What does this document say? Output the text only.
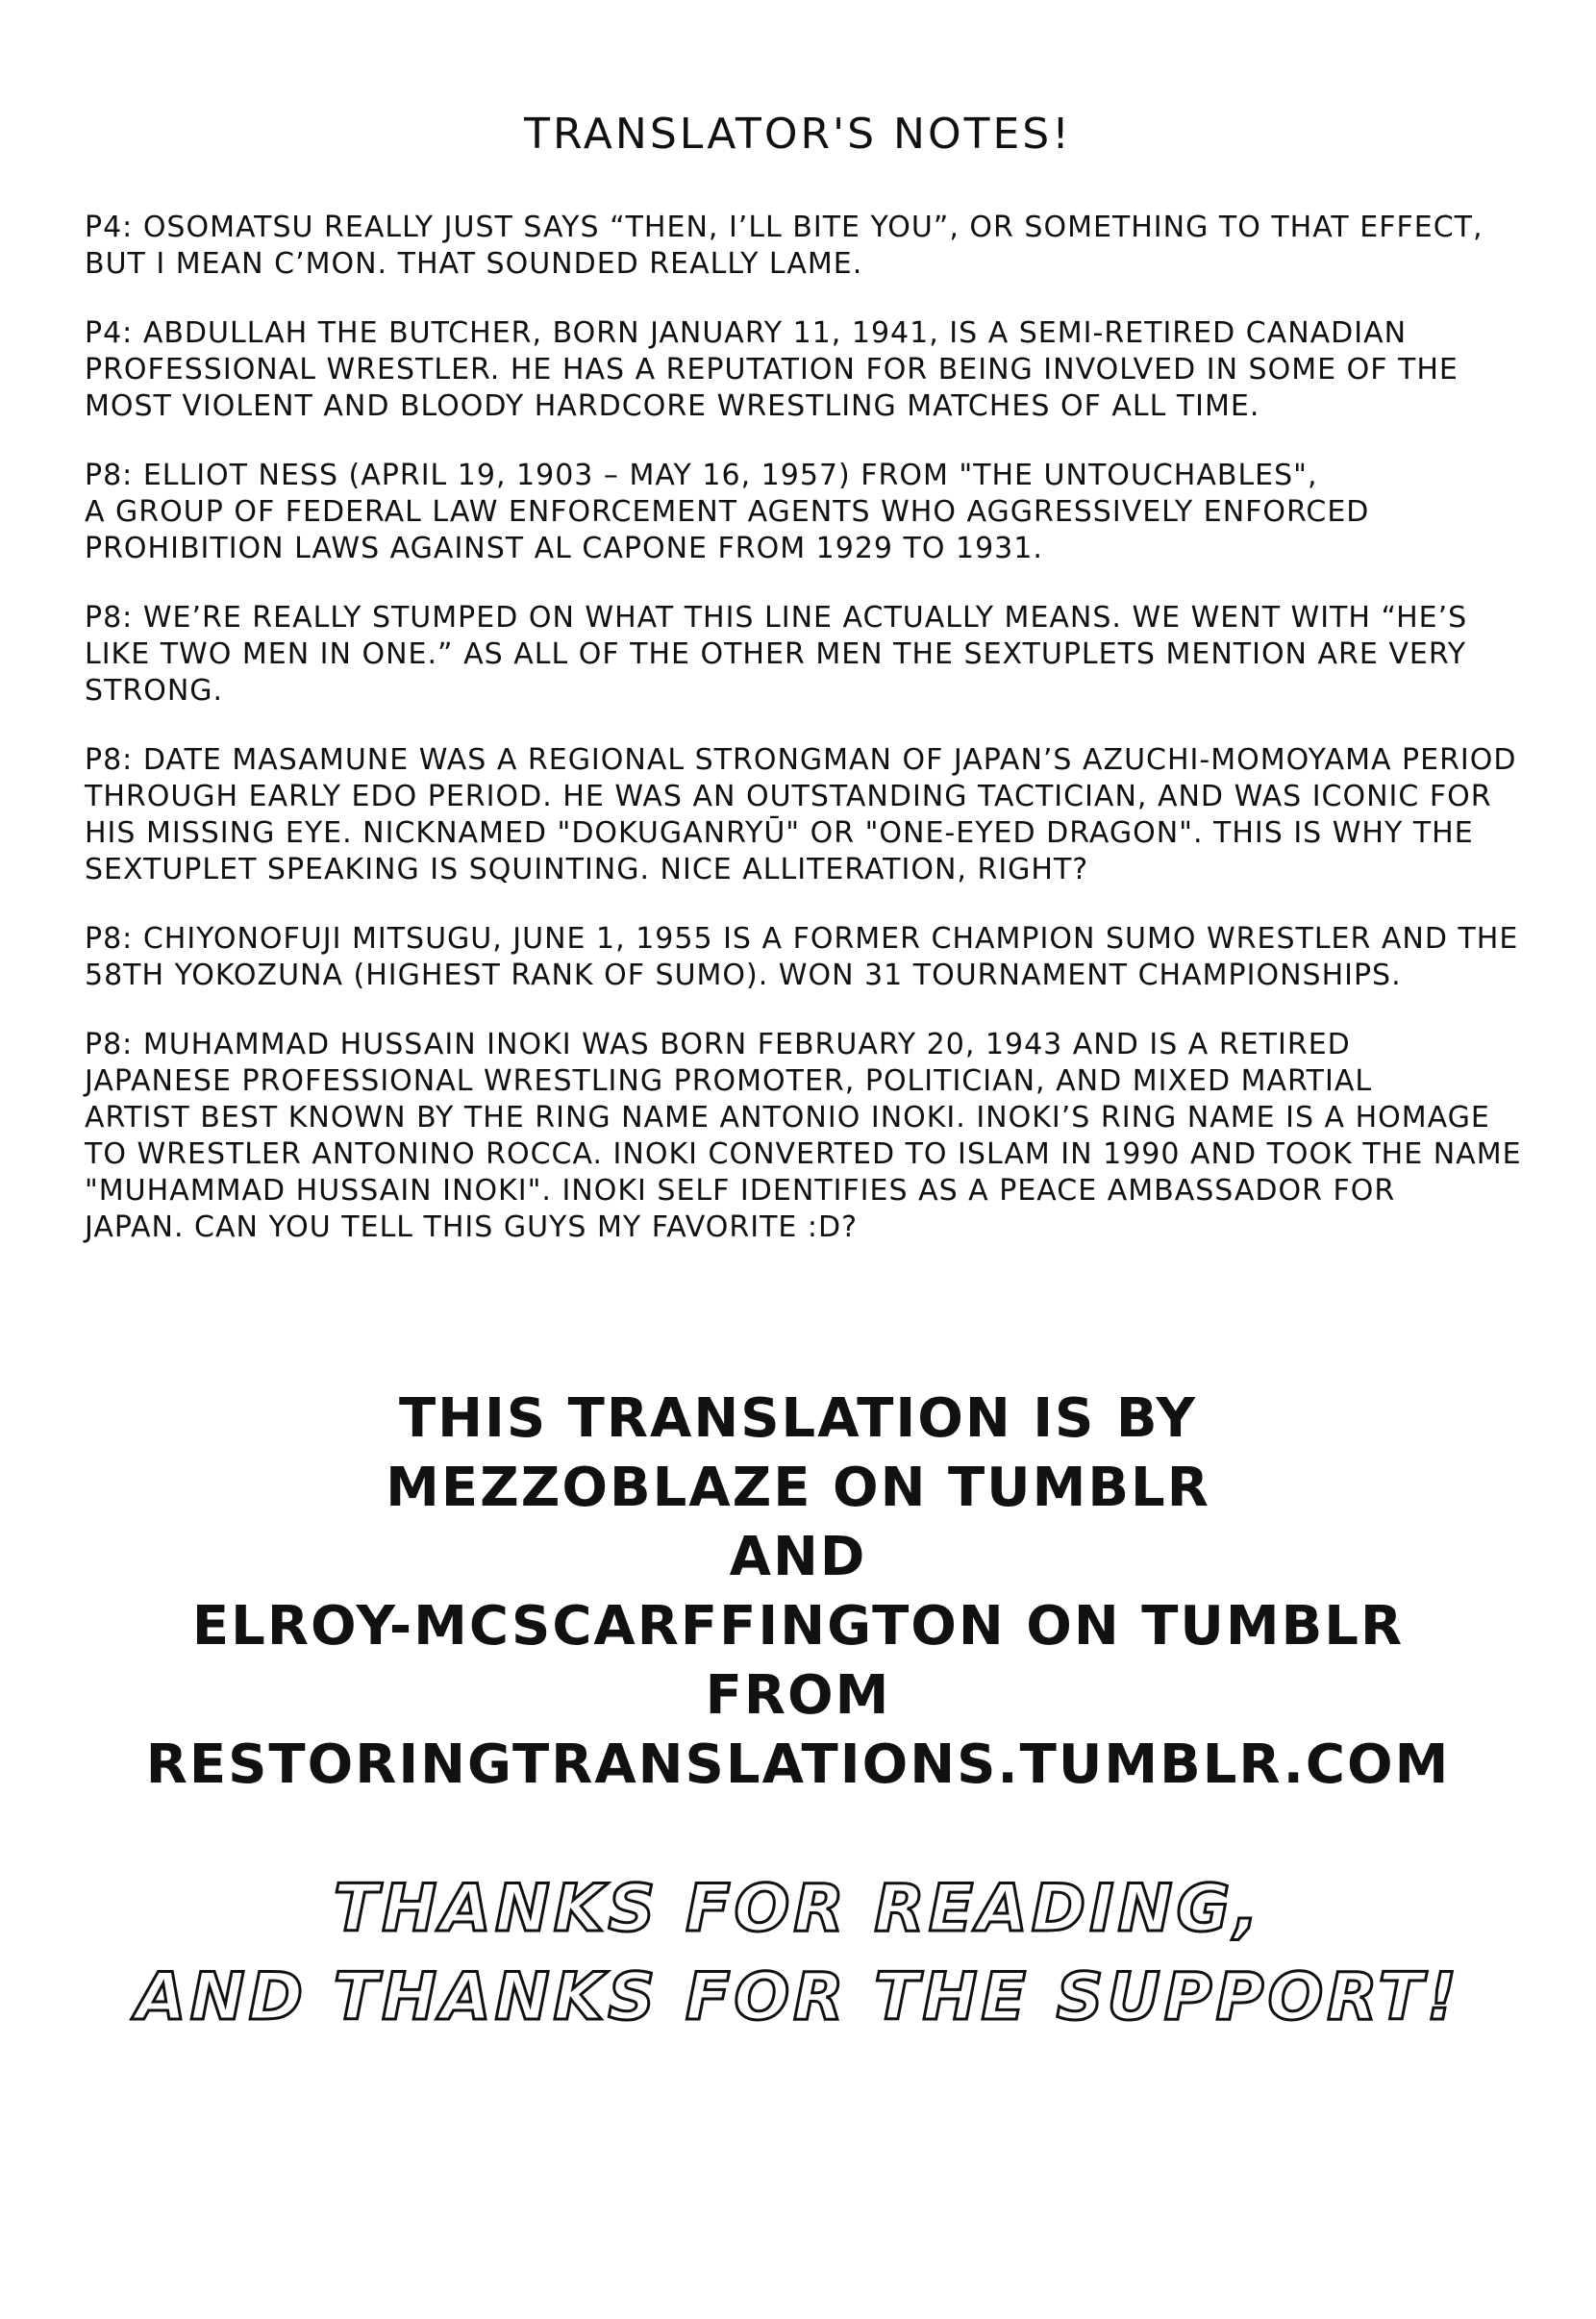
TRANSLATOR'S NOTES!

P4: OSOMATSU REALLY JUST SAYS “THEN, I’LL BITE YOU”, OR SOMETHING TO THAT EFFECT,
BUT I MEAN C’MON. THAT SOUNDED REALLY LAME.

P4: ABDULLAH THE BUTCHER, BORN JANUARY 11, 1941, IS A SEMI-RETIRED CANADIAN
PROFESSIONAL WRESTLER. HE HAS A REPUTATION FOR BEING INVOLVED IN SOME OF THE
MOST VIOLENT AND BLOODY HARDCORE WRESTLING MATCHES OF ALL TIME.

P8: ELLIOT NESS (APRIL 19, 1903 – MAY 16, 1957) FROM "THE UNTOUCHABLES",
A GROUP OF FEDERAL LAW ENFORCEMENT AGENTS WHO AGGRESSIVELY ENFORCED
PROHIBITION LAWS AGAINST AL CAPONE FROM 1929 TO 1931.

P8: WE’RE REALLY STUMPED ON WHAT THIS LINE ACTUALLY MEANS. WE WENT WITH “HE’S
LIKE TWO MEN IN ONE.” AS ALL OF THE OTHER MEN THE SEXTUPLETS MENTION ARE VERY
STRONG.

P8: DATE MASAMUNE WAS A REGIONAL STRONGMAN OF JAPAN’S AZUCHI-MOMOYAMA PERIOD
THROUGH EARLY EDO PERIOD. HE WAS AN OUTSTANDING TACTICIAN, AND WAS ICONIC FOR
HIS MISSING EYE. NICKNAMED "DOKUGANRYŪ" OR "ONE-EYED DRAGON". THIS IS WHY THE
SEXTUPLET SPEAKING IS SQUINTING. NICE ALLITERATION, RIGHT?

P8: CHIYONOFUJI MITSUGU, JUNE 1, 1955 IS A FORMER CHAMPION SUMO WRESTLER AND THE
58TH YOKOZUNA (HIGHEST RANK OF SUMO). WON 31 TOURNAMENT CHAMPIONSHIPS.

P8: MUHAMMAD HUSSAIN INOKI WAS BORN FEBRUARY 20, 1943 AND IS A RETIRED
JAPANESE PROFESSIONAL WRESTLING PROMOTER, POLITICIAN, AND MIXED MARTIAL
ARTIST BEST KNOWN BY THE RING NAME ANTONIO INOKI. INOKI’S RING NAME IS A HOMAGE
TO WRESTLER ANTONINO ROCCA. INOKI CONVERTED TO ISLAM IN 1990 AND TOOK THE NAME
"MUHAMMAD HUSSAIN INOKI". INOKI SELF IDENTIFIES AS A PEACE AMBASSADOR FOR
JAPAN. CAN YOU TELL THIS GUYS MY FAVORITE :D?

THIS TRANSLATION IS BY
MEZZOBLAZE ON TUMBLR
AND
ELROY-MCSCARFFINGTON ON TUMBLR
FROM
RESTORINGTRANSLATIONS.TUMBLR.COM
THANKS FOR READING,
AND THANKS FOR THE SUPPORT!
